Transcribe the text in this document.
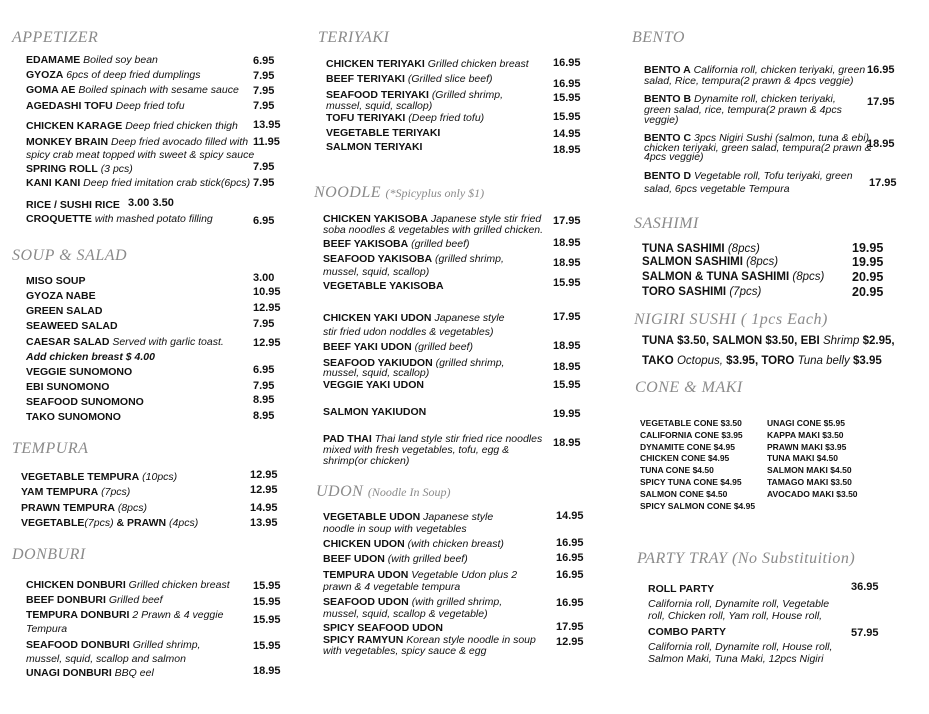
APPETIZER
EDAMAME Boiled soy bean	6.95
GYOZA 6pcs of deep fried dumplings	7.95
GOMA AE Boiled spinach with sesame sauce 7.95
AGEDASHI TOFU Deep fried tofu	7.95
CHICKEN KARAGE Deep fried chicken thigh 13.95
MONKEY BRAIN Deep fried avocado filled with
spicy crab meat topped with sweet & spicy sauce
11.95
SPRING ROLL (3 pcs)	7.95
KANI KANI Deep fried imitation crab stick(6pcs) 7.95
RICE / SUSHI RICE 3.00 3.50
CROQUETTE with mashed potato filling	6.95
SOUP & SALAD
MISO SOUP	3.00
GYOZA NABE	10.95
GREEN SALAD	12.95
SEAWEED SALAD	7.95
CAESAR SALAD Served with garlic toast.	12.95
Add chicken breast $ 4.00
VEGGIE SUNOMONO	6.95
EBI SUNOMONO	7.95
SEAFOOD SUNOMONO	8.95
TAKO SUNOMONO	8.95
TEMPURA
VEGETABLE TEMPURA (10pcs)	12.95
YAM TEMPURA (7pcs)	12.95
PRAWN TEMPURA (8pcs)	14.95
VEGETABLE(7pcs) & PRAWN (4pcs)	13.95
DONBURI
CHICKEN DONBURI Grilled chicken breast 15.95
BEEF DONBURI Grilled beef	15.95
TEMPURA DONBURI 2 Prawn & 4 veggie
Tempura
15.95
SEAFOOD DONBURI Grilled shrimp,
mussel, squid, scallop and salmon
15.95
UNAGI DONBURI BBQ eel	18.95
TERIYAKI
CHICKEN TERIYAKI Grilled chicken breast 16.95
BEEF TERIYAKI (Grilled slice beef)	16.95
SEAFOOD TERIYAKI (Grilled shrimp,
mussel, squid, scallop)
15.95
TOFU TERIYAKI (Deep fried tofu)	15.95
VEGETABLE TERIYAKI	14.95
SALMON TERIYAKI	18.95
NOODLE (*Spicyplus only $1)
CHICKEN YAKISOBA Japanese style stir fried
soba noodles & vegetables with grilled chicken.
17.95
BEEF YAKISOBA (grilled beef)	18.95
SEAFOOD YAKISOBA (grilled shrimp,
mussel, squid, scallop)
18.95
VEGETABLE YAKISOBA	15.95
CHICKEN YAKI UDON Japanese style
stir fried udon noddles & vegetables)
17.95
BEEF YAKI UDON (grilled beef)	18.95
SEAFOOD YAKIUDON (grilled shrimp,
mussel, squid, scallop)	18.95
VEGGIE YAKI UDON	15.95
SALMON YAKIUDON	19.95
PAD THAI Thai land style stir fried rice noodles
mixed with fresh vegetables, tofu, egg &
shrimp(or chicken)
18.95
UDON (Noodle In Soup)
VEGETABLE UDON Japanese style
noodle in soup with vegetables
14.95
CHICKEN UDON (with chicken breast)	16.95
BEEF UDON (with grilled beef)	16.95
TEMPURA UDON Vegetable Udon plus 2
prawn & 4 vegetable tempura
16.95
SEAFOOD UDON (with grilled shrimp,
mussel, squid, scallop & vegetable)
16.95
SPICY SEAFOOD UDON	17.95
SPICY RAMYUN Korean style noodle in soup
with vegetables, spicy sauce & egg
12.95
BENTO
BENTO A California roll, chicken teriyaki, green
salad, Rice, tempura(2 prawn & 4pcs veggie)
16.95
BENTO B Dynamite roll, chicken teriyaki,
green salad, rice, tempura(2 prawn & 4pcs
veggie)
17.95
BENTO C 3pcs Nigiri Sushi (salmon, tuna & ebi),
chicken teriyaki, green salad, tempura(2 prawn &
4pcs veggie)
18.95
BENTO D Vegetable roll, Tofu teriyaki, green
salad, 6pcs vegetable Tempura	17.95
SASHIMI
TUNA SASHIMI (8pcs)	19.95
SALMON SASHIMI (8pcs)	19.95
SALMON & TUNA SASHIMI (8pcs) 20.95
TORO SASHIMI (7pcs)	20.95
NIGIRI SUSHI ( 1pcs Each)
TUNA $3.50, SALMON $3.50, EBI Shrimp $2.95,
TAKO Octopus, $3.95, TORO Tuna belly $3.95
CONE & MAKI
VEGETABLE CONE $3.50
CALIFORNIA CONE $3.95
DYNAMITE CONE $4.95
CHICKEN CONE $4.95
TUNA CONE $4.50
SPICY TUNA CONE $4.95
SALMON CONE $4.50
SPICY SALMON CONE $4.95
UNAGI CONE $5.95
KAPPA MAKI $3.50
PRAWN MAKI $3.95
TUNA MAKI $4.50
SALMON MAKI $4.50
TAMAGO MAKI $3.50
AVOCADO MAKI $3.50
PARTY TRAY (No Substituition)
ROLL PARTY	36.95
California roll, Dynamite roll, Vegetable
roll, Chicken roll, Yam roll, House roll,
COMBO PARTY	57.95
California roll, Dynamite roll, House roll,
Salmon Maki, Tuna Maki, 12pcs Nigiri
